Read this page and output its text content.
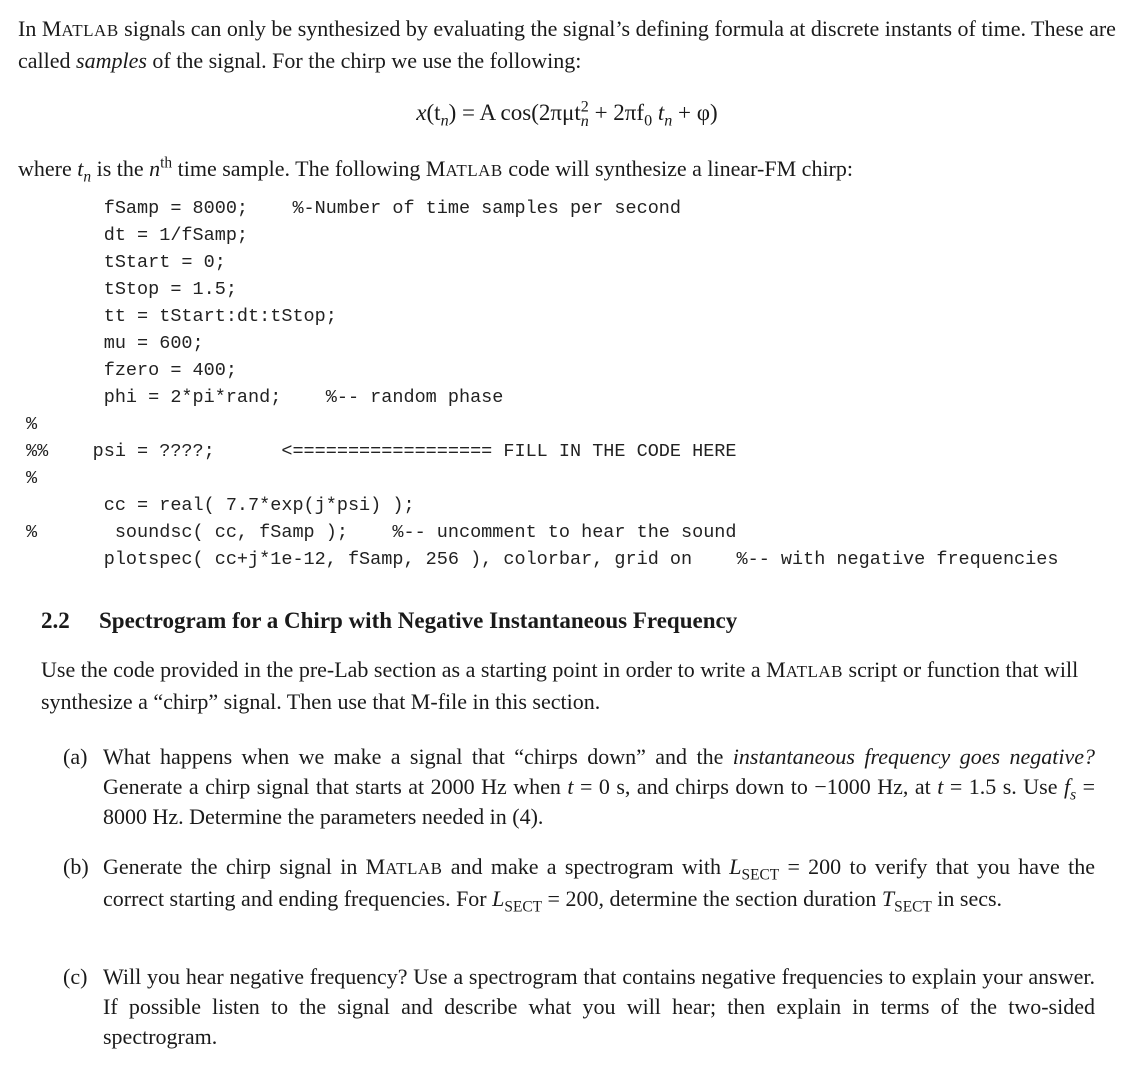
In MATLAB signals can only be synthesized by evaluating the signal’s defining formula at discrete instants of time. These are called samples of the signal. For the chirp we use the following:
$x(t_n) = A$ $\cos(2\pi\mu t^2_n + 2\pi f_0$ $t_n + \varphi$)
where $t_n$ is the $n^{th}$ time sample. The following MATLAB code will synthesize a linear-FM chirp:
fSamp = 8000;    %-Number of time samples per second
dt = 1/fSamp;
tStart = 0;
tStop = 1.5;
tt = tStart:dt:tStop;
mu = 600;
fzero = 400;
phi = 2*pi*rand;    %-- random phase
%
%%    psi = ????;      <================== FILL IN THE CODE HERE
%
cc = real( 7.7*exp(j*psi) );
%       soundsc( cc, fSamp );    %-- uncomment to hear the sound
plotspec( cc+j*1e-12, fSamp, 256 ), colorbar, grid on    %-- with negative frequencies
2.2 Spectrogram for a Chirp with Negative Instantaneous Frequency
Use the code provided in the pre-Lab section as a starting point in order to write a MATLAB script or function that will synthesize a “chirp” signal. Then use that M-file in this section.
(a) What happens when we make a signal that “chirps down” and the instantaneous frequency goes negative? Generate a chirp signal that starts at 2000 Hz when t = 0 s, and chirps down to −1000 Hz, at t = 1.5 s. Use $f_s = 8000$ Hz. Determine the parameters needed in (4).
(b) Generate the chirp signal in MATLAB and make a spectrogram with $L_{SECT} = 200$ to verify that you have the correct starting and ending frequencies. For $L_{SECT} = 200$, determine the section duration $T_{SECT}$ in secs.
(c) Will you hear negative frequency? Use a spectrogram that contains negative frequencies to explain your answer. If possible listen to the signal and describe what you will hear; then explain in terms of the two-sided spectrogram.
